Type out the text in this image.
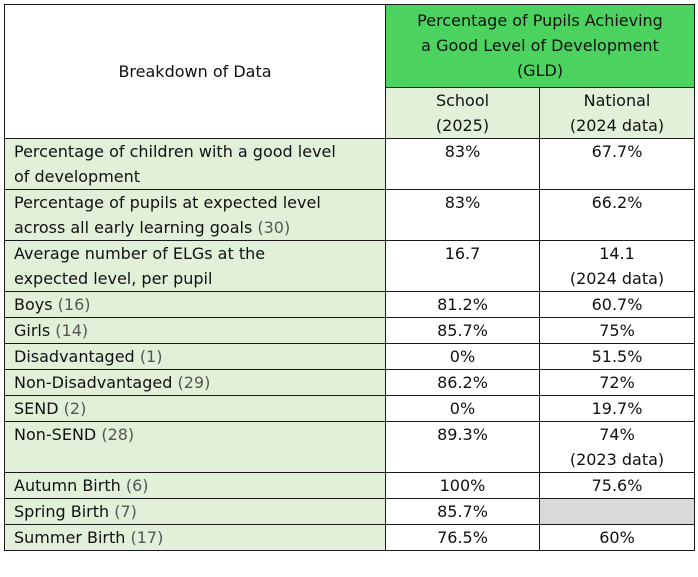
Breakdown of Data	Percentage of Pupils Achieving
a Good Level of Development
(GLD)	

	School
(2025)	National
(2024 data)

Percentage of children with a good level
of development	83%	67.7%

Percentage of pupils at expected level
across all early learning goals (30)	83%	66.2%

Average number of ELGs at the
expected level, per pupil	16.7	14.1
(2024 data)

Boys (16)	81.2%	60.7%

Girls (14)	85.7%	75%

Disadvantaged (1)	0%	51.5%

Non-Disadvantaged (29)	86.2%	72%

SEND (2)	0%	19.7%

Non-SEND (28)	89.3%	74%
(2023 data)

Autumn Birth (6)	100%	75.6%

Spring Birth (7)	85.7%	

Summer Birth (17)	76.5%	60%
